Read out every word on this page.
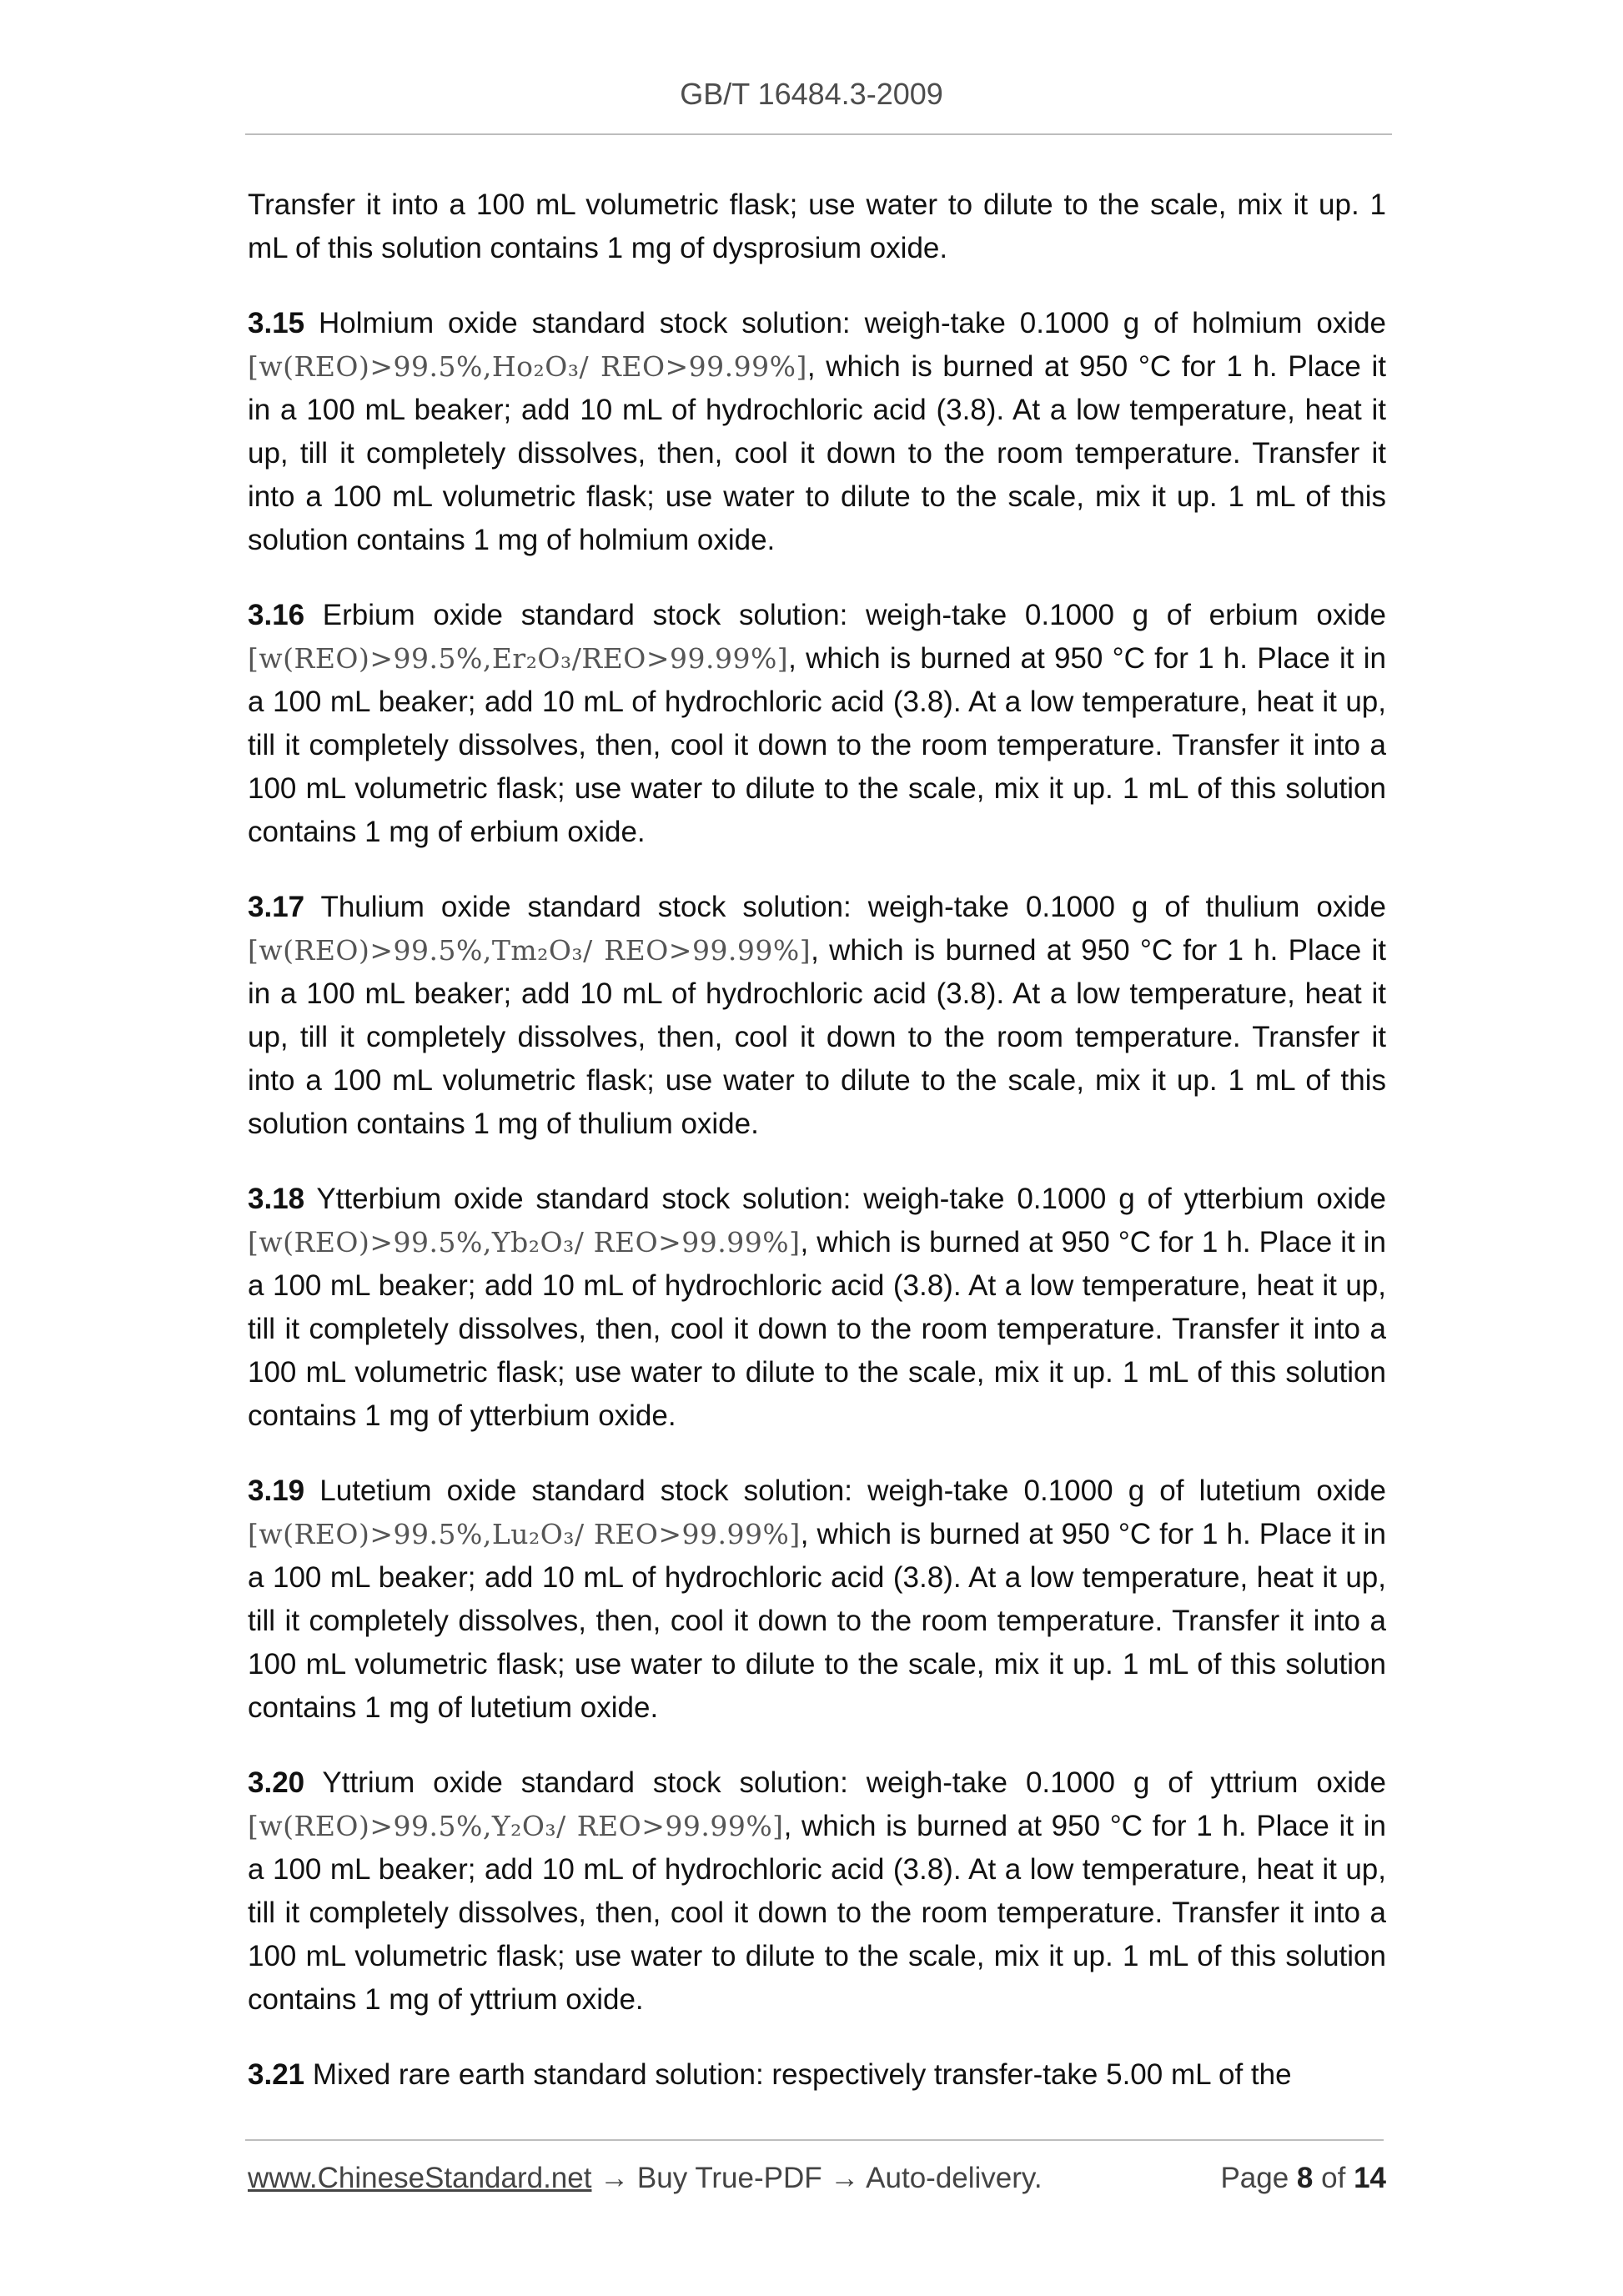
GB/T 16484.3-2009

Transfer it into a 100 mL volumetric flask; use water to dilute to the scale, mix it up. 1 mL of this solution contains 1 mg of dysprosium oxide.

3.15 Holmium oxide standard stock solution: weigh-take 0.1000 g of holmium oxide [w(REO)>99.5%,Ho₂O₃/ REO>99.99%], which is burned at 950 °C for 1 h. Place it in a 100 mL beaker; add 10 mL of hydrochloric acid (3.8). At a low temperature, heat it up, till it completely dissolves, then, cool it down to the room temperature. Transfer it into a 100 mL volumetric flask; use water to dilute to the scale, mix it up. 1 mL of this solution contains 1 mg of holmium oxide.

3.16 Erbium oxide standard stock solution: weigh-take 0.1000 g of erbium oxide [w(REO)>99.5%,Er₂O₃/REO>99.99%], which is burned at 950 °C for 1 h. Place it in a 100 mL beaker; add 10 mL of hydrochloric acid (3.8). At a low temperature, heat it up, till it completely dissolves, then, cool it down to the room temperature. Transfer it into a 100 mL volumetric flask; use water to dilute to the scale, mix it up. 1 mL of this solution contains 1 mg of erbium oxide.

3.17 Thulium oxide standard stock solution: weigh-take 0.1000 g of thulium oxide [w(REO)>99.5%,Tm₂O₃/ REO>99.99%], which is burned at 950 °C for 1 h. Place it in a 100 mL beaker; add 10 mL of hydrochloric acid (3.8). At a low temperature, heat it up, till it completely dissolves, then, cool it down to the room temperature. Transfer it into a 100 mL volumetric flask; use water to dilute to the scale, mix it up. 1 mL of this solution contains 1 mg of thulium oxide.

3.18 Ytterbium oxide standard stock solution: weigh-take 0.1000 g of ytterbium oxide [w(REO)>99.5%,Yb₂O₃/ REO>99.99%], which is burned at 950 °C for 1 h. Place it in a 100 mL beaker; add 10 mL of hydrochloric acid (3.8). At a low temperature, heat it up, till it completely dissolves, then, cool it down to the room temperature. Transfer it into a 100 mL volumetric flask; use water to dilute to the scale, mix it up. 1 mL of this solution contains 1 mg of ytterbium oxide.

3.19 Lutetium oxide standard stock solution: weigh-take 0.1000 g of lutetium oxide [w(REO)>99.5%,Lu₂O₃/ REO>99.99%], which is burned at 950 °C for 1 h. Place it in a 100 mL beaker; add 10 mL of hydrochloric acid (3.8). At a low temperature, heat it up, till it completely dissolves, then, cool it down to the room temperature. Transfer it into a 100 mL volumetric flask; use water to dilute to the scale, mix it up. 1 mL of this solution contains 1 mg of lutetium oxide.

3.20 Yttrium oxide standard stock solution: weigh-take 0.1000 g of yttrium oxide [w(REO)>99.5%,Y₂O₃/ REO>99.99%], which is burned at 950 °C for 1 h. Place it in a 100 mL beaker; add 10 mL of hydrochloric acid (3.8). At a low temperature, heat it up, till it completely dissolves, then, cool it down to the room temperature. Transfer it into a 100 mL volumetric flask; use water to dilute to the scale, mix it up. 1 mL of this solution contains 1 mg of yttrium oxide.

3.21 Mixed rare earth standard solution: respectively transfer-take 5.00 mL of the

www.ChineseStandard.net → Buy True-PDF → Auto-delivery.	Page 8 of 14
